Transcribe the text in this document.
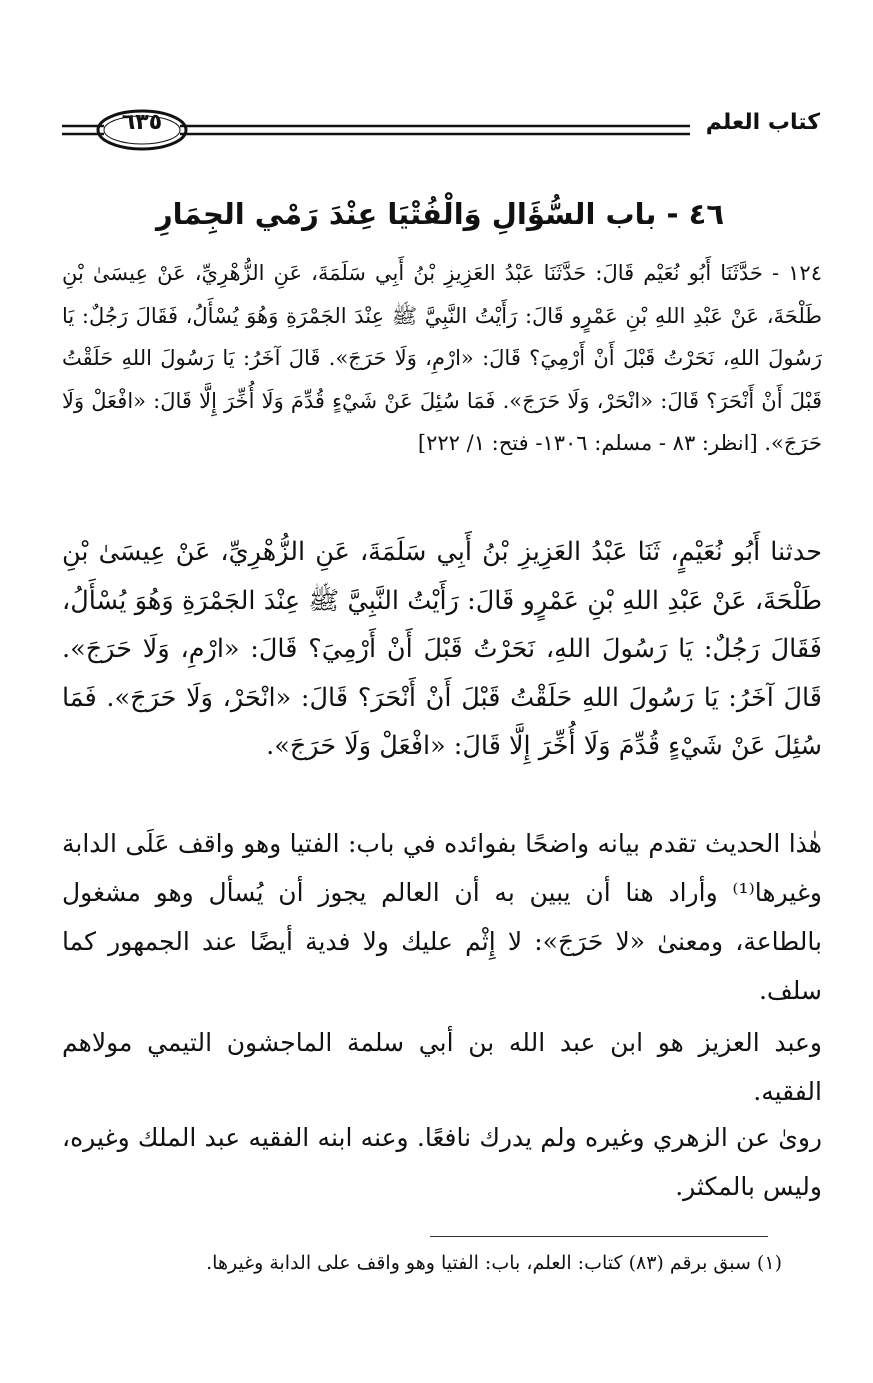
٦٣٥	كتاب العلم
٤٦ - باب السُّؤَالِ وَالْفُتْيَا عِنْدَ رَمْي الجِمَارِ
١٢٤ - حَدَّثَنَا أَبُو نُعَيْم قَالَ: حَدَّثَنَا عَبْدُ العَزِيزِ بْنُ أَبِي سَلَمَةَ، عَنِ الزُّهْرِيِّ، عَنْ عِيسَىٰ بْنِ طَلْحَةَ، عَنْ عَبْدِ اللهِ بْنِ عَمْرٍو قَالَ: رَأَيْتُ النَّبِيَّ ﷺ عِنْدَ الجَمْرَةِ وَهُوَ يُسْأَلُ، فَقَالَ رَجُلٌ: يَا رَسُولَ اللهِ، نَحَرْتُ قَبْلَ أَنْ أَرْمِيَ؟ قَالَ: «ارْمِ، وَلَا حَرَجَ». قَالَ آخَرُ: يَا رَسُولَ اللهِ حَلَقْتُ قَبْلَ أَنْ أَنْحَرَ؟ قَالَ: «انْحَرْ، وَلَا حَرَجَ». فَمَا سُئِلَ عَنْ شَيْءٍ قُدِّمَ وَلَا أُخِّرَ إِلَّا قَالَ: «افْعَلْ وَلَا حَرَجَ». [انظر: ٨٣ - مسلم: ١٣٠٦- فتح: ١/ ٢٢٢]
حدثنا أَبُو نُعَيْمٍ، ثَنَا عَبْدُ العَزِيزِ بْنُ أَبِي سَلَمَةَ، عَنِ الزُّهْرِيِّ، عَنْ عِيسَىٰ بْنِ طَلْحَةَ، عَنْ عَبْدِ اللهِ بْنِ عَمْرٍو قَالَ: رَأَيْتُ النَّبِيَّ ﷺ عِنْدَ الجَمْرَةِ وَهُوَ يُسْأَلُ، فَقَالَ رَجُلٌ: يَا رَسُولَ اللهِ، نَحَرْتُ قَبْلَ أَنْ أَرْمِيَ؟ قَالَ: «ارْمِ، وَلَا حَرَجَ». قَالَ آخَرُ: يَا رَسُولَ اللهِ حَلَقْتُ قَبْلَ أَنْ أَنْحَرَ؟ قَالَ: «انْحَرْ، وَلَا حَرَجَ». فَمَا سُئِلَ عَنْ شَيْءٍ قُدِّمَ وَلَا أُخِّرَ إِلَّا قَالَ: «افْعَلْ وَلَا حَرَجَ».
هٰذا الحديث تقدم بيانه واضحًا بفوائده في باب: الفتيا وهو واقف عَلَى الدابة وغيرها⁽¹⁾ وأراد هنا أن يبين به أن العالم يجوز أن يُسأل وهو مشغول بالطاعة، ومعنىٰ «لا حَرَجَ»: لا إِثْم عليك ولا فدية أيضًا عند الجمهور كما سلف.
وعبد العزيز هو ابن عبد الله بن أبي سلمة الماجشون التيمي مولاهم الفقيه.
روىٰ عن الزهري وغيره ولم يدرك نافعًا. وعنه ابنه الفقيه عبد الملك وغيره، وليس بالمكثر.
(١) سبق برقم (٨٣) كتاب: العلم، باب: الفتيا وهو واقف على الدابة وغيرها.
